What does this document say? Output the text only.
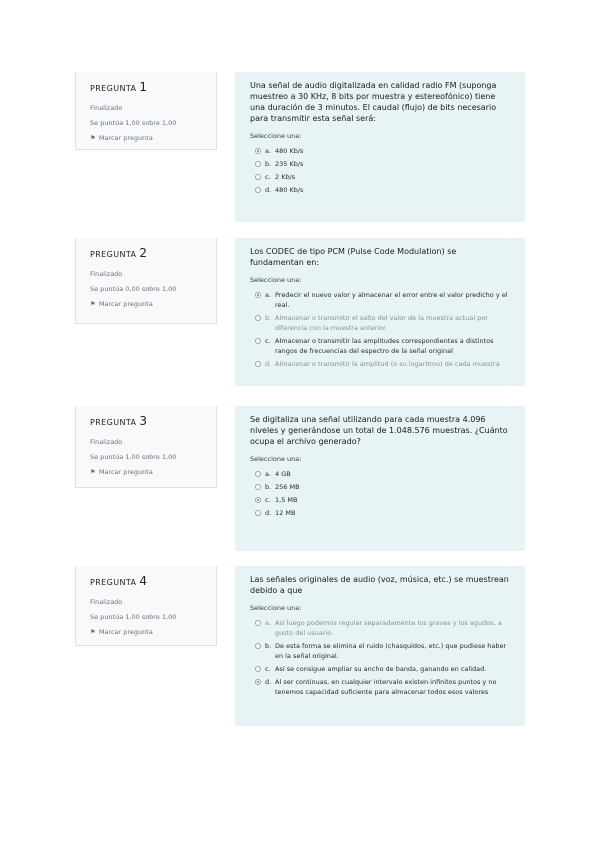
PREGUNTA 1
Finalizado
Se puntúa 1,00 sobre 1,00
⚑ Marcar pregunta
Una señal de audio digitalizada en calidad radio FM (suponga muestreo a 30 KHz, 8 bits por muestra y estereofónico) tiene una duración de 3 minutos. El caudal (flujo) de bits necesario para transmitir esta señal será:
Seleccione una:
a. 480 Kb/s
b. 235 Kb/s
c. 2 Kb/s
d. 480 Kb/s
PREGUNTA 2
Finalizado
Se puntúa 0,00 sobre 1,00
⚑ Marcar pregunta
Los CODEC de tipo PCM (Pulse Code Modulation) se fundamentan en:
Seleccione una:
a. Predecir el nuevo valor y almacenar el error entre el valor predicho y el real.
b. Almacenar o transmitir el salto del valor de la muestra actual por diferencia con la muestra anterior
c. Almacenar o transmitir las amplitudes correspondientes a distintos rangos de frecuencias del espectro de la señal original
d. Almacenar o transmitir la amplitud (o su logaritmo) de cada muestra
PREGUNTA 3
Finalizado
Se puntúa 1,00 sobre 1,00
⚑ Marcar pregunta
Se digitaliza una señal utilizando para cada muestra 4.096 niveles y generándose un total de 1.048.576 muestras. ¿Cuánto ocupa el archivo generado?
Seleccione una:
a. 4 GB
b. 256 MB
c. 1,5 MB
d. 12 MB
PREGUNTA 4
Finalizado
Se puntúa 1,00 sobre 1,00
⚑ Marcar pregunta
Las señales originales de audio (voz, música, etc.) se muestrean debido a que
Seleccione una:
a. Así luego podemos regular separadamente los graves y los agudos, a gusto del usuario.
b. De esta forma se elimina el ruido (chasquidos, etc.) que pudiese haber en la señal original.
c. Así se consigue ampliar su ancho de banda, ganando en calidad.
d. Al ser continuas, en cualquier intervalo existen infinitos puntos y no tenemos capacidad suficiente para almacenar todos esos valores
